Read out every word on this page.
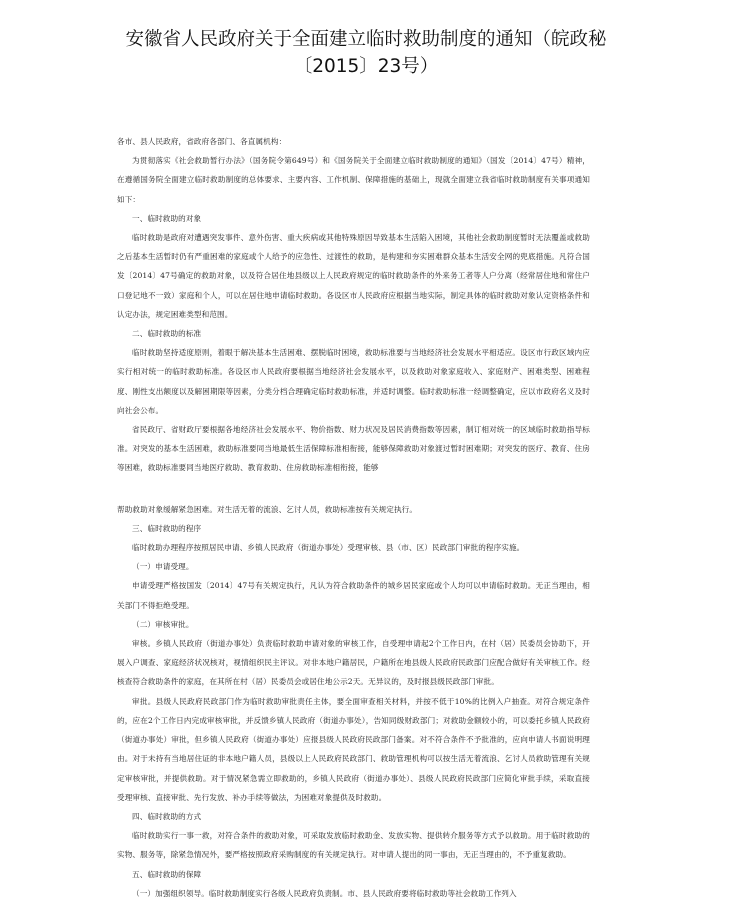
安徽省人民政府关于全面建立临时救助制度的通知（皖政秘〔2015〕23号）

各市、县人民政府，省政府各部门、各直属机构：

为贯彻落实《社会救助暂行办法》（国务院令第649号）和《国务院关于全面建立临时救助制度的通知》（国发〔2014〕47号）精神，在遵循国务院全面建立临时救助制度的总体要求、主要内容、工作机制、保障措施的基础上，现就全面建立我省临时救助制度有关事项通知如下：

一、临时救助的对象

临时救助是政府对遭遇突发事件、意外伤害、重大疾病或其他特殊原因导致基本生活陷入困境，其他社会救助制度暂时无法覆盖或救助之后基本生活暂时仍有严重困难的家庭或个人给予的应急性、过渡性的救助，是构建和夯实困难群众基本生活安全网的兜底措施。凡符合国发〔2014〕47号确定的救助对象，以及符合居住地县级以上人民政府规定的临时救助条件的外来务工者等人户分离（经常居住地和常住户口登记地不一致）家庭和个人，可以在居住地申请临时救助。各设区市人民政府应根据当地实际，制定具体的临时救助对象认定资格条件和认定办法，规定困难类型和范围。

二、临时救助的标准

临时救助坚持适度原则，着眼于解决基本生活困难、摆脱临时困境，救助标准要与当地经济社会发展水平相适应。设区市行政区域内应实行相对统一的临时救助标准。各设区市人民政府要根据当地经济社会发展水平，以及救助对象家庭收入、家庭财产、困难类型、困难程度、刚性支出额度以及解困期限等因素，分类分档合理确定临时救助标准，并适时调整。临时救助标准一经调整确定，应以市政府名义及时向社会公布。

省民政厅、省财政厅要根据各地经济社会发展水平、物价指数、财力状况及居民消费指数等因素，制订相对统一的区域临时救助指导标准。对突发的基本生活困难，救助标准要同当地最低生活保障标准相衔接，能够保障救助对象渡过暂时困难期；对突发的医疗、教育、住房等困难，救助标准要同当地医疗救助、教育救助、住房救助标准相衔接，能够

帮助救助对象缓解紧急困难。对生活无着的流浪、乞讨人员，救助标准按有关规定执行。

三、临时救助的程序

临时救助办理程序按照居民申请、乡镇人民政府（街道办事处）受理审核、县（市、区）民政部门审批的程序实施。

（一）申请受理。

申请受理严格按国发〔2014〕47号有关规定执行，凡认为符合救助条件的城乡居民家庭或个人均可以申请临时救助。无正当理由，相关部门不得拒绝受理。

（二）审核审批。

审核。乡镇人民政府（街道办事处）负责临时救助申请对象的审核工作，自受理申请起2个工作日内，在村（居）民委员会协助下，开展入户调查、家庭经济状况核对，视情组织民主评议。对非本地户籍居民，户籍所在地县级人民政府民政部门应配合做好有关审核工作。经核查符合救助条件的家庭，在其所在村（居）民委员会或居住地公示2天。无异议的，及时报县级民政部门审批。

审批。县级人民政府民政部门作为临时救助审批责任主体，要全面审查相关材料，并按不低于10%的比例入户抽查。对符合规定条件的，应在2个工作日内完成审核审批，并反馈乡镇人民政府（街道办事处），告知同级财政部门；对救助金额较小的，可以委托乡镇人民政府（街道办事处）审批，但乡镇人民政府（街道办事处）应报县级人民政府民政部门备案。对不符合条件不予批准的，应向申请人书面说明理由。对于未持有当地居住证的非本地户籍人员，县级以上人民政府民政部门、救助管理机构可以按生活无着流浪、乞讨人员救助管理有关规定审核审批，并提供救助。对于情况紧急需立即救助的，乡镇人民政府（街道办事处）、县级人民政府民政部门应简化审批手续，采取直接受理审核、直接审批、先行发放、补办手续等做法，为困难对象提供及时救助。

四、临时救助的方式

临时救助实行一事一救，对符合条件的救助对象，可采取发放临时救助金、发放实物、提供转介服务等方式予以救助。用于临时救助的实物、服务等，除紧急情况外，要严格按照政府采购制度的有关规定执行。对申请人提出的同一事由，无正当理由的，不予重复救助。

五、临时救助的保障

（一）加强组织领导。临时救助制度实行各级人民政府负责制。市、县人民政府要将临时救助等社会救助工作列入
